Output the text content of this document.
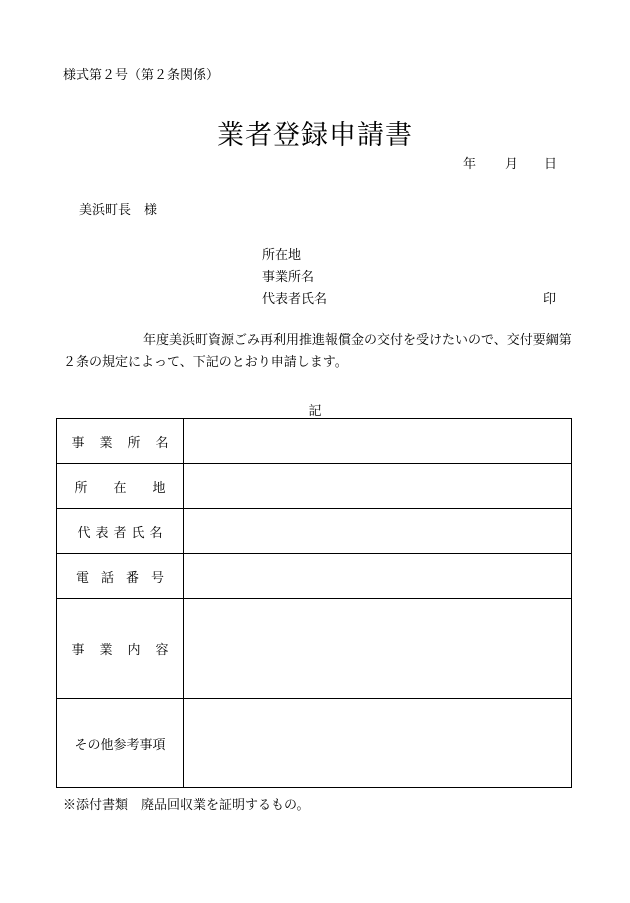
様式第２号（第２条関係）
業者登録申請書
年 月 日
美浜町長　様
所在地
事業所名
代表者氏名	印
年度美浜町資源ごみ再利用推進報償金の交付を受けたいので、交付要綱第２条の規定によって、下記のとおり申請します。
記
事業所名	
所在地	
代表者氏名	
電話番号	
事業内容	
その他参考事項	
※添付書類　廃品回収業を証明するもの。
